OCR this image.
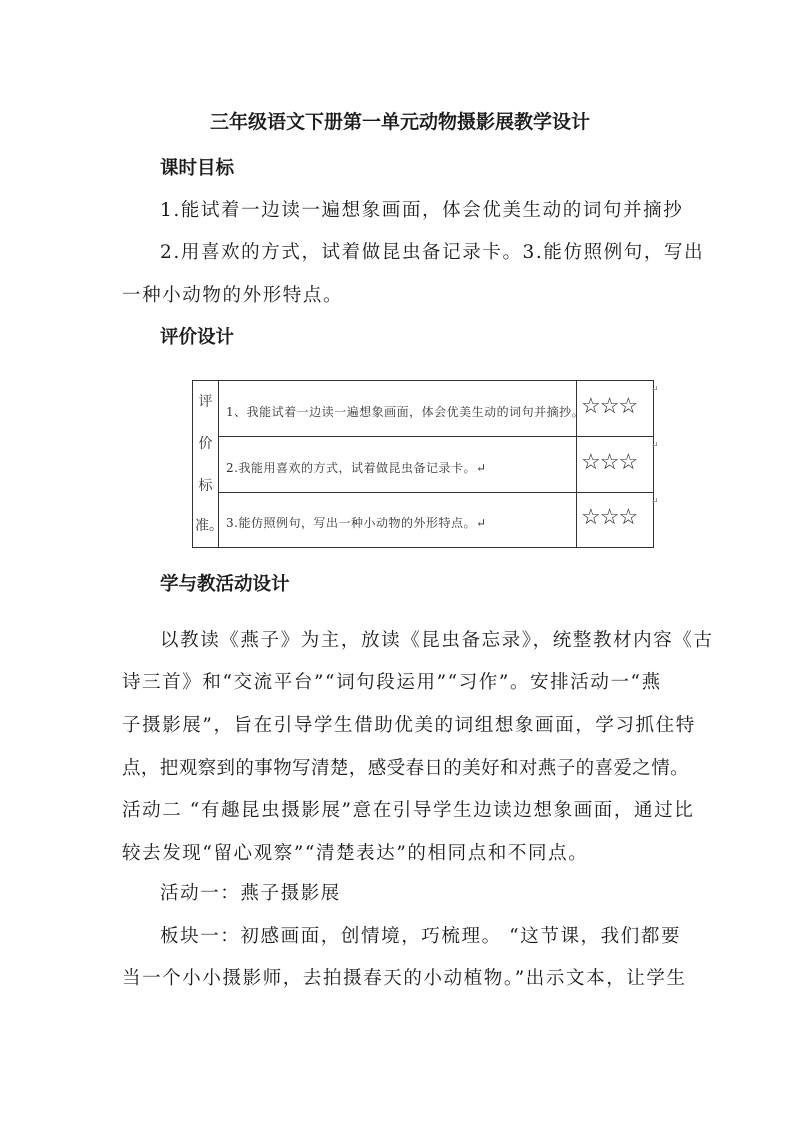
三年级语文下册第一单元动物摄影展教学设计
课时目标
1.能试着一边读一遍想象画面，体会优美生动的词句并摘抄
2.用喜欢的方式，试着做昆虫备记录卡。3.能仿照例句，写出
一种小动物的外形特点。
评价设计
评
价
标
准。
1、我能试着一边读一遍想象画面，体会优美生动的词句并摘抄。
2.我能用喜欢的方式，试着做昆虫备记录卡。↵
3.能仿照例句，写出一种小动物的外形特点。↵
☆☆☆
☆☆☆
☆☆☆
↵
↵
↵
学与教活动设计
以教读《燕子》为主，放读《昆虫备忘录》，统整教材内容《古
诗三首》和“交流平台”“词句段运用”“习作”。安排活动一“燕
子摄影展”，旨在引导学生借助优美的词组想象画面，学习抓住特
点，把观察到的事物写清楚，感受春日的美好和对燕子的喜爱之情。
活动二 “有趣昆虫摄影展”意在引导学生边读边想象画面，通过比
较去发现“留心观察”“清楚表达”的相同点和不同点。
活动一：燕子摄影展
板块一：初感画面，创情境，巧梳理。 “这节课，我们都要
当一个小小摄影师，去拍摄春天的小动植物。”出示文本，让学生
